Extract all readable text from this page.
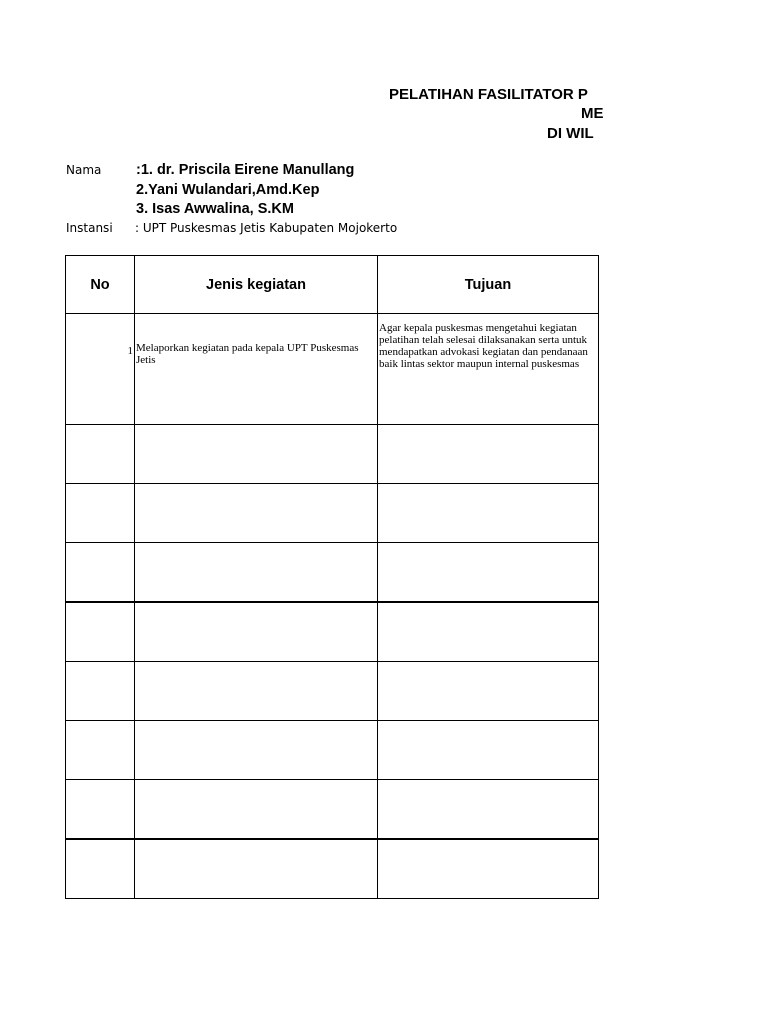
PELATIHAN FASILITATOR P
ME
DI WIL
Nama :1. dr. Priscila Eirene Manullang
2.Yani Wulandari,Amd.Kep
3. Isas Awwalina, S.KM
Instansi : UPT Puskesmas Jetis Kabupaten Mojokerto
No	Jenis kegiatan	Tujuan
1	Melaporkan kegiatan pada kepala UPT Puskesmas Jetis	Agar kepala puskesmas mengetahui kegiatan pelatihan telah selesai dilaksanakan serta untuk mendapatkan advokasi kegiatan dan pendanaan baik lintas sektor maupun internal puskesmas
